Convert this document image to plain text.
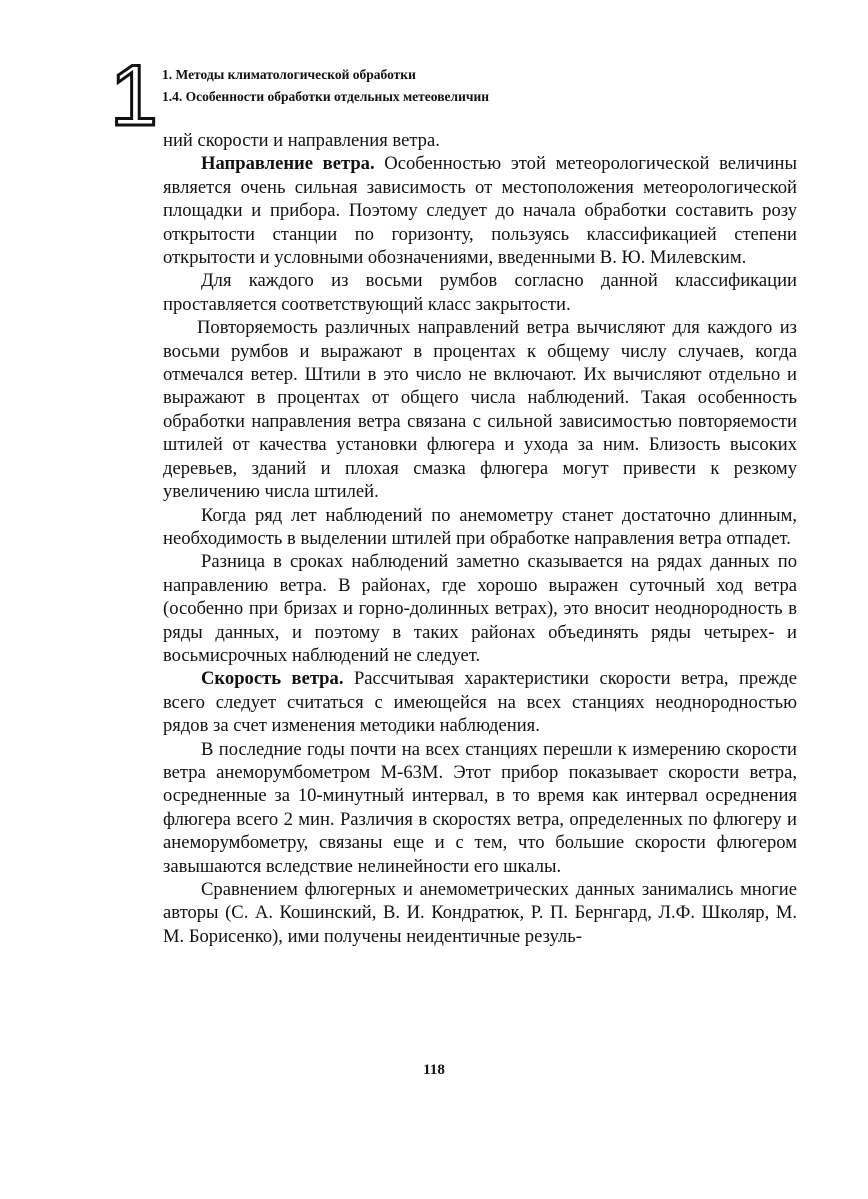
1 1. Методы климатологической обработки
1.4. Особенности обработки отдельных метеовеличин

ний скорости и направления ветра.

Направление ветра. Особенностью этой метеорологической величины является очень сильная зависимость от местоположения метеорологической площадки и прибора. Поэтому следует до начала обработки составить розу открытости станции по горизонту, пользуясь классификацией степени открытости и условными обозначениями, введенными В. Ю. Милевским.

Для каждого из восьми румбов согласно данной классификации проставляется соответствующий класс закрытости.

Повторяемость различных направлений ветра вычисляют для каждого из восьми румбов и выражают в процентах к общему числу случаев, когда отмечался ветер. Штили в это число не включают. Их вычисляют отдельно и выражают в процентах от общего числа наблюдений. Такая особенность обработки направления ветра связана с сильной зависимостью повторяемости штилей от качества установки флюгера и ухода за ним. Близость высоких деревьев, зданий и плохая смазка флюгера могут привести к резкому увеличению числа штилей.

Когда ряд лет наблюдений по анемометру станет достаточно длинным, необходимость в выделении штилей при обработке направления ветра отпадет.

Разница в сроках наблюдений заметно сказывается на рядах данных по направлению ветра. В районах, где хорошо выражен суточный ход ветра (особенно при бризах и горно-долинных ветрах), это вносит неоднородность в ряды данных, и поэтому в таких районах объединять ряды четырех- и восьмисрочных наблюдений не следует.

Скорость ветра. Рассчитывая характеристики скорости ветра, прежде всего следует считаться с имеющейся на всех станциях неоднородностью рядов за счет изменения методики наблюдения.

В последние годы почти на всех станциях перешли к измерению скорости ветра анеморумбометром М-63М. Этот прибор показывает скорости ветра, осредненные за 10-минутный интервал, в то время как интервал осреднения флюгера всего 2 мин. Различия в скоростях ветра, определенных по флюгеру и анеморумбометру, связаны еще и с тем, что большие скорости флюгером завышаются вследствие нелинейности его шкалы.

Сравнением флюгерных и анемометрических данных занимались многие авторы (С. А. Кошинский, В. И. Кондратюк, Р. П. Бернгард, Л.Ф. Школяр, М. М. Борисенко), ими получены неидентичные резуль-

118
